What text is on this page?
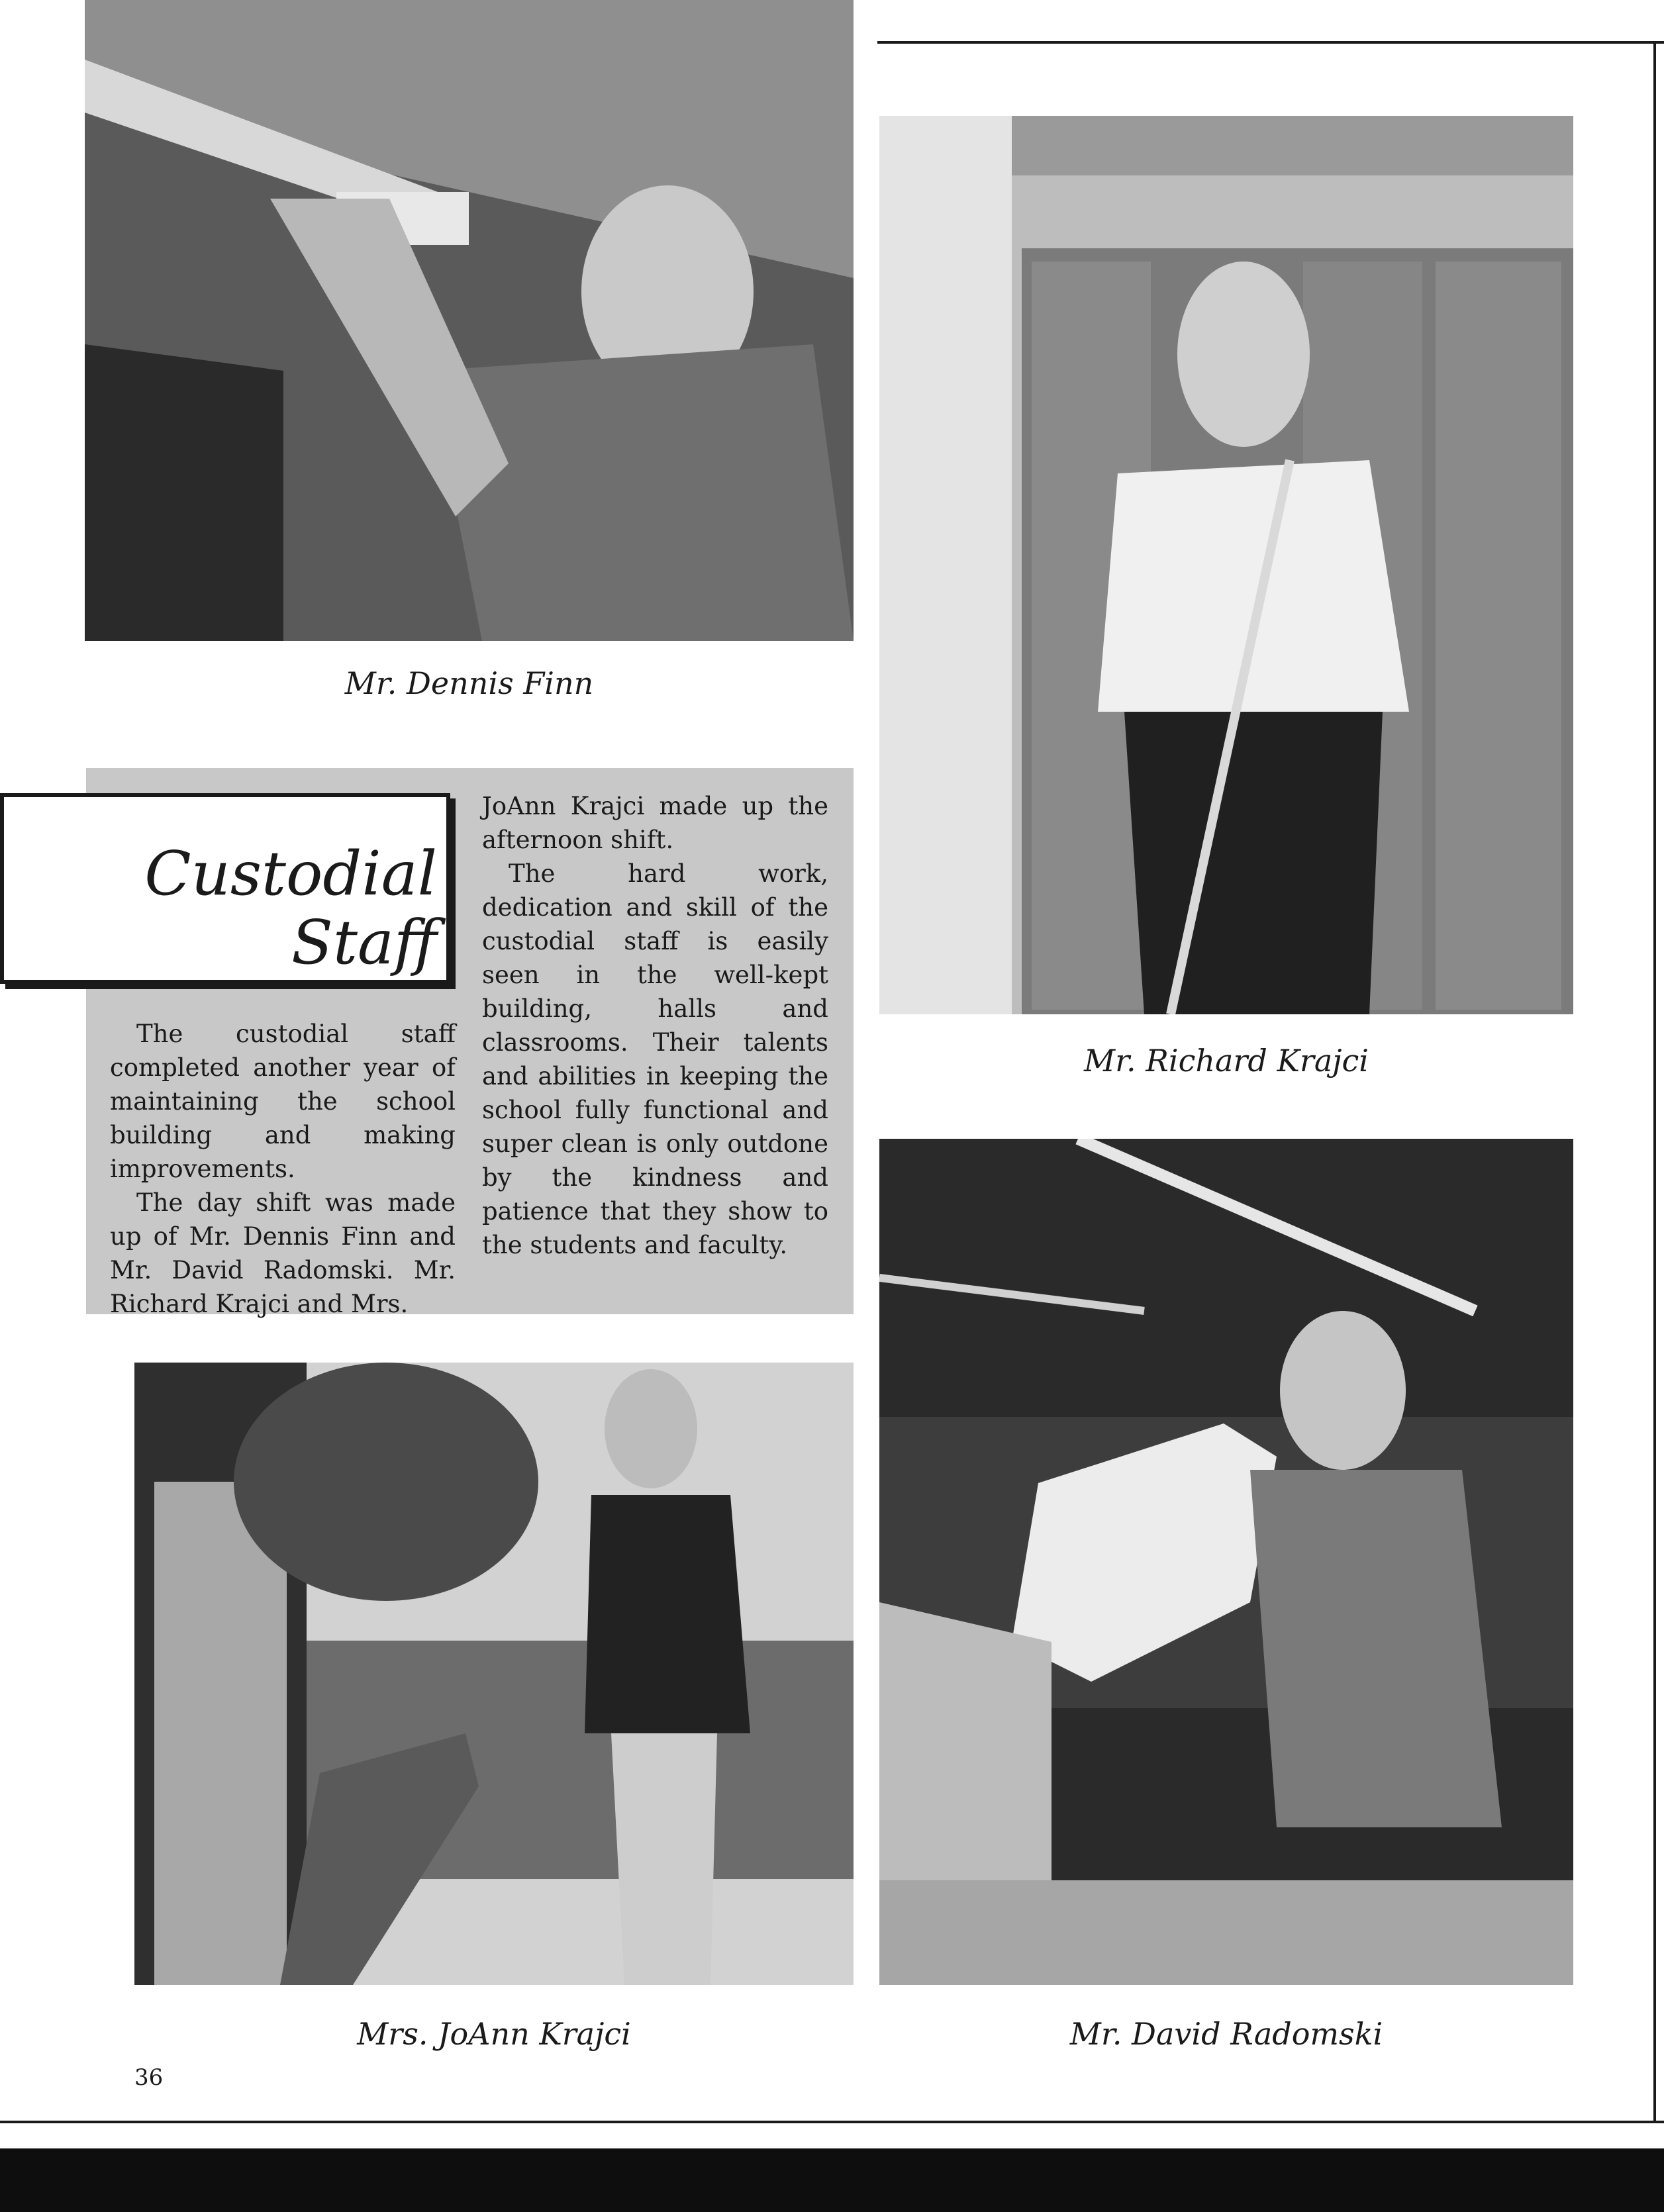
Mr. Dennis Finn
Mr. Richard Krajci
Custodial
Staff

The custodial staff completed another year of maintaining the school building and making improvements.

The day shift was made up of Mr. Dennis Finn and Mr. David Radomski. Mr. Richard Krajci and Mrs.

JoAnn Krajci made up the afternoon shift.

The hard work, dedication and skill of the custodial staff is easily seen in the well-kept building, halls and classrooms. Their talents and abilities in keeping the school fully functional and super clean is only outdone by the kindness and patience that they show to the students and faculty.

Mrs. JoAnn Krajci	Mr. David Radomski
36
